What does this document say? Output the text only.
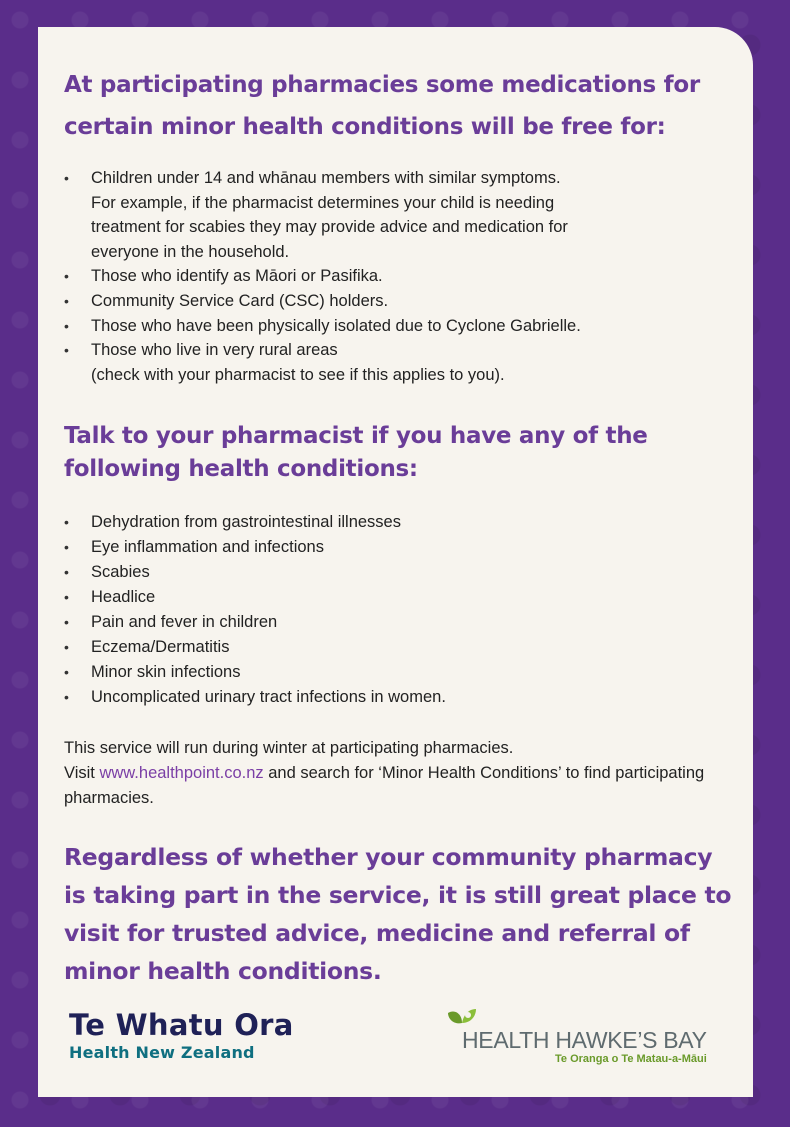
At participating pharmacies some medications for certain minor health conditions will be free for:
• Children under 14 and whānau members with similar symptoms.
For example, if the pharmacist determines your child is needing
treatment for scabies they may provide advice and medication for
everyone in the household.
• Those who identify as Māori or Pasifika.
• Community Service Card (CSC) holders.
• Those who have been physically isolated due to Cyclone Gabrielle.
• Those who live in very rural areas
(check with your pharmacist to see if this applies to you).
Talk to your pharmacist if you have any of the following health conditions:
• Dehydration from gastrointestinal illnesses
• Eye inflammation and infections
• Scabies
• Headlice
• Pain and fever in children
• Eczema/Dermatitis
• Minor skin infections
• Uncomplicated urinary tract infections in women.

This service will run during winter at participating pharmacies.
Visit www.healthpoint.co.nz and search for ‘Minor Health Conditions’ to find participating pharmacies.

Regardless of whether your community pharmacy is taking part in the service, it is still great place to visit for trusted advice, medicine and referral of minor health conditions.
Te Whatu Ora
Health New Zealand	HEALTH HAWKE’S BAY
Te Oranga o Te Matau-a-Māui
